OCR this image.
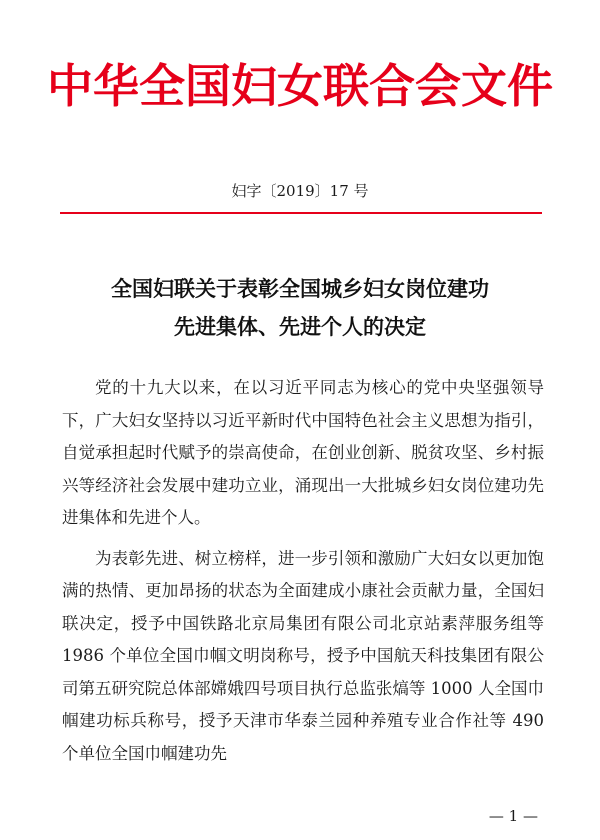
中华全国妇女联合会文件
妇字〔2019〕17 号
全国妇联关于表彰全国城乡妇女岗位建功
先进集体、先进个人的决定

党的十九大以来，在以习近平同志为核心的党中央坚强领导下，广大妇女坚持以习近平新时代中国特色社会主义思想为指引，自觉承担起时代赋予的崇高使命，在创业创新、脱贫攻坚、乡村振兴等经济社会发展中建功立业，涌现出一大批城乡妇女岗位建功先进集体和先进个人。

为表彰先进、树立榜样，进一步引领和激励广大妇女以更加饱满的热情、更加昂扬的状态为全面建成小康社会贡献力量，全国妇联决定，授予中国铁路北京局集团有限公司北京站素萍服务组等 1986 个单位全国巾帼文明岗称号，授予中国航天科技集团有限公司第五研究院总体部嫦娥四号项目执行总监张熇等 1000 人全国巾帼建功标兵称号，授予天津市华泰兰园种养殖专业合作社等 490 个单位全国巾帼建功先

— 1 —
